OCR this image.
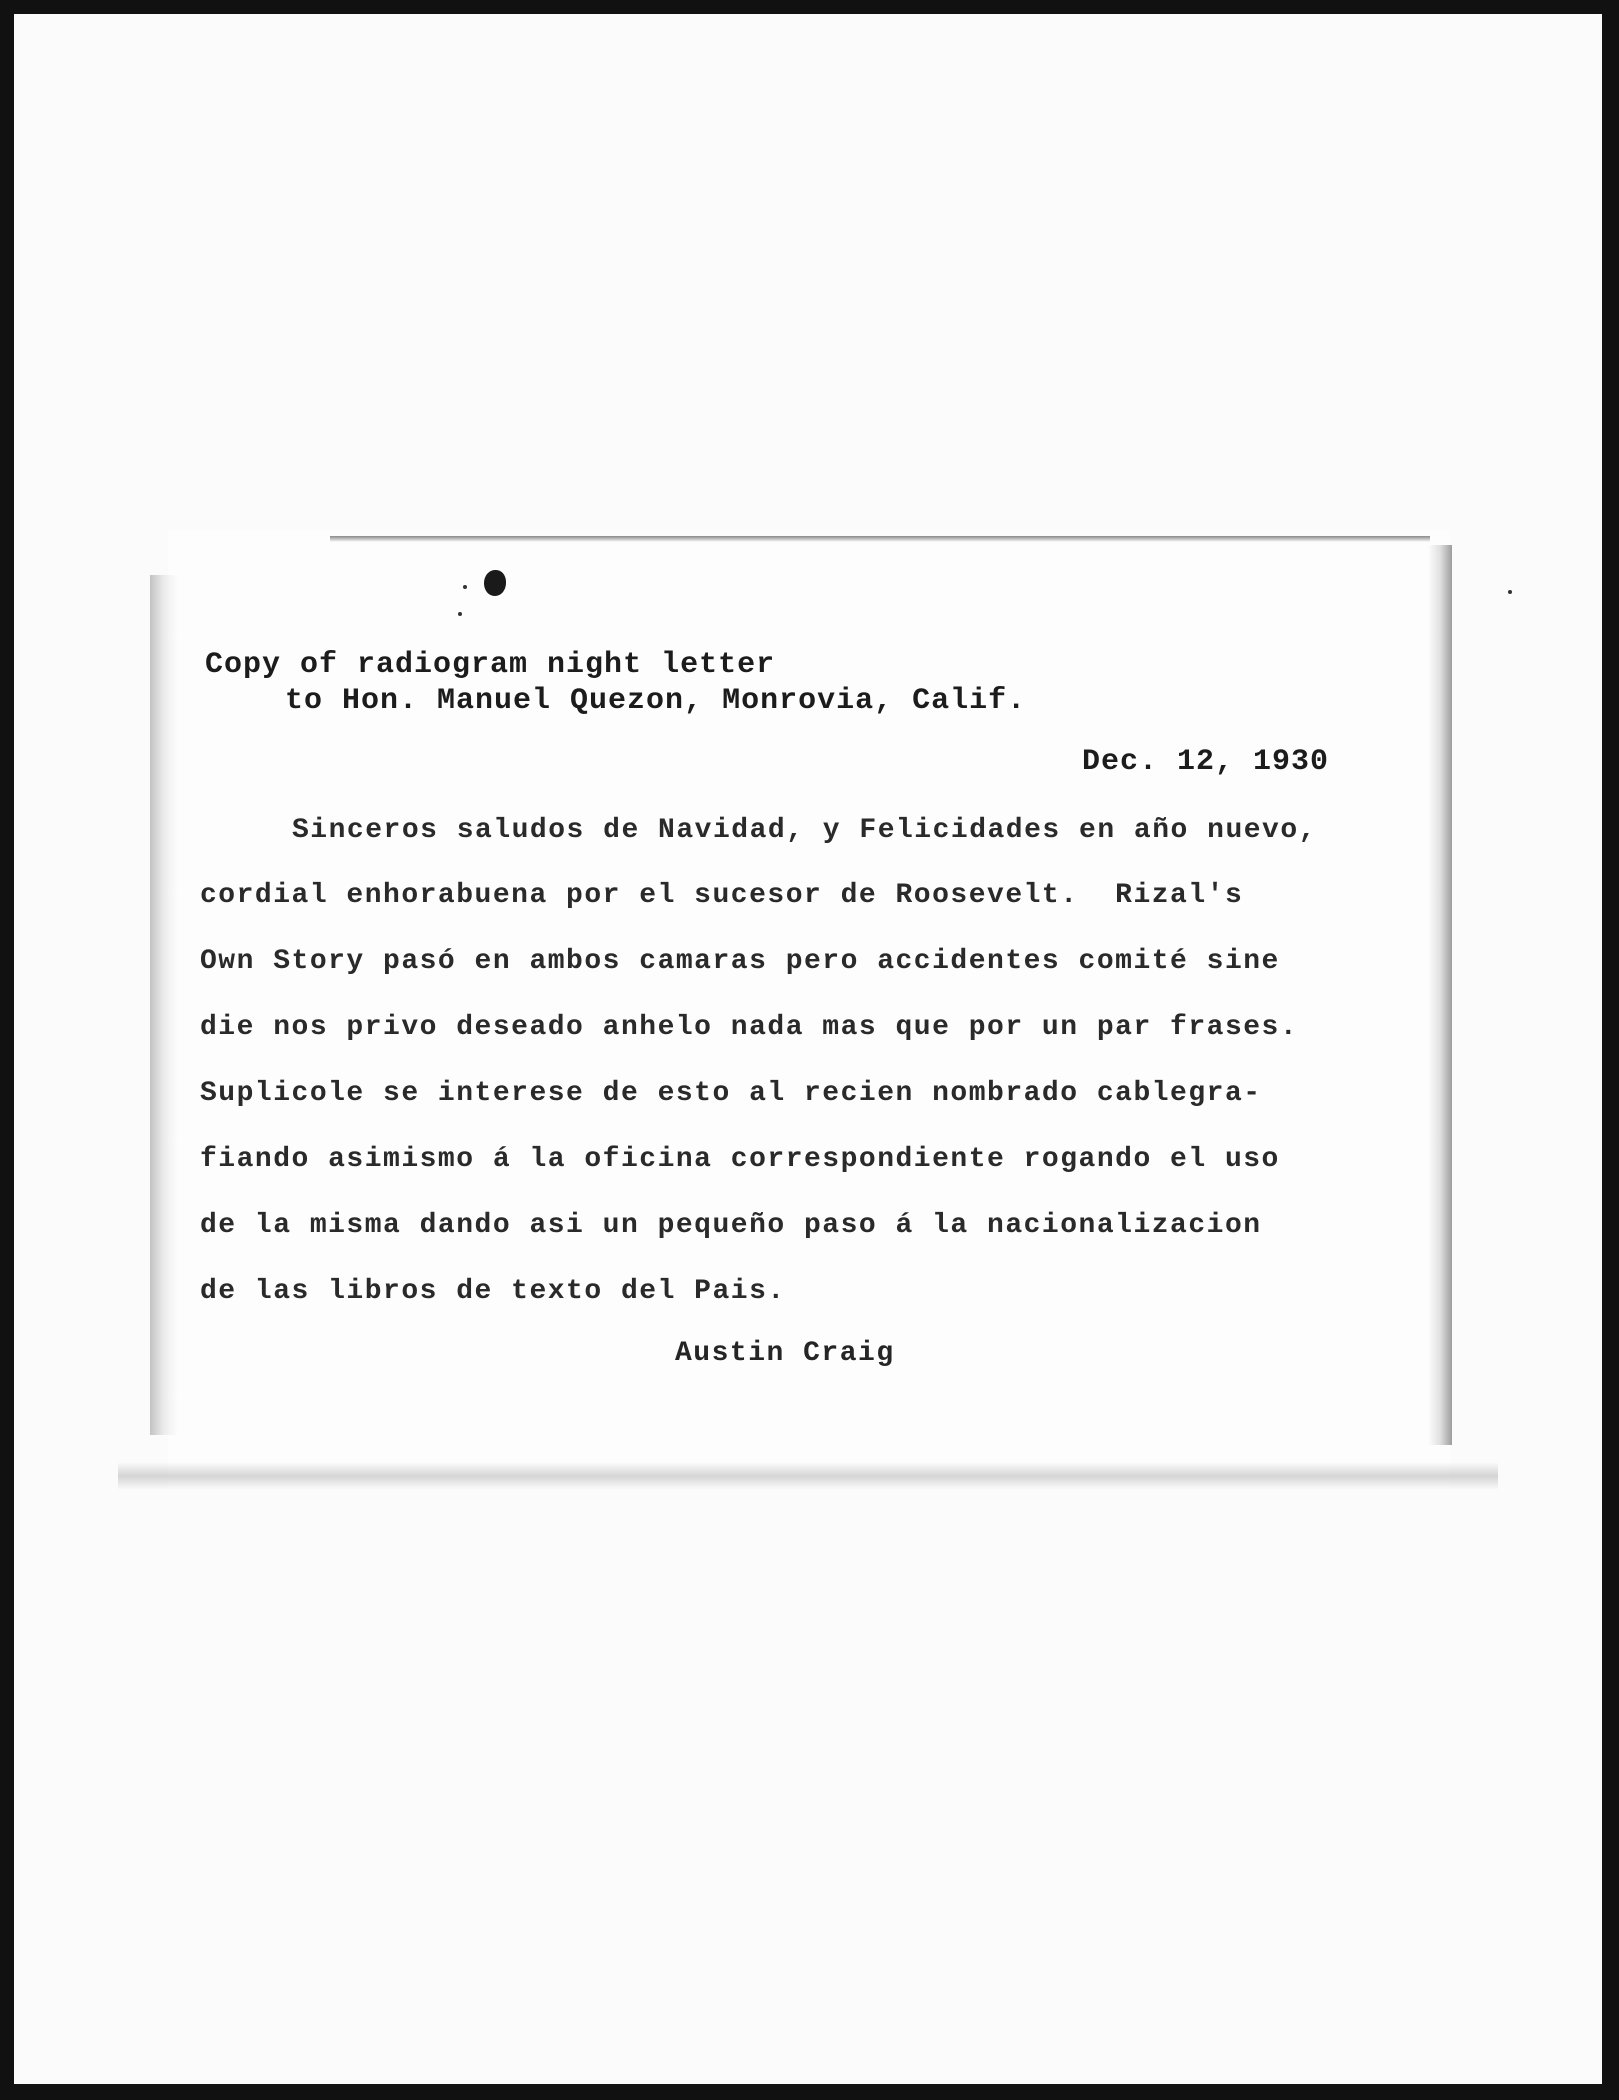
Copy of radiogram night letter
to Hon. Manuel Quezon, Monrovia, Calif.
Dec. 12, 1930
Sinceros saludos de Navidad, y Felicidades en año nuevo,
cordial enhorabuena por el sucesor de Roosevelt.  Rizal's
Own Story pasó en ambos camaras pero accidentes comité sine
die nos privo deseado anhelo nada mas que por un par frases.
Suplicole se interese de esto al recien nombrado cablegra-
fiando asimismo á la oficina correspondiente rogando el uso
de la misma dando asi un pequeño paso á la nacionalizacion
de las libros de texto del Pais.
Austin Craig
